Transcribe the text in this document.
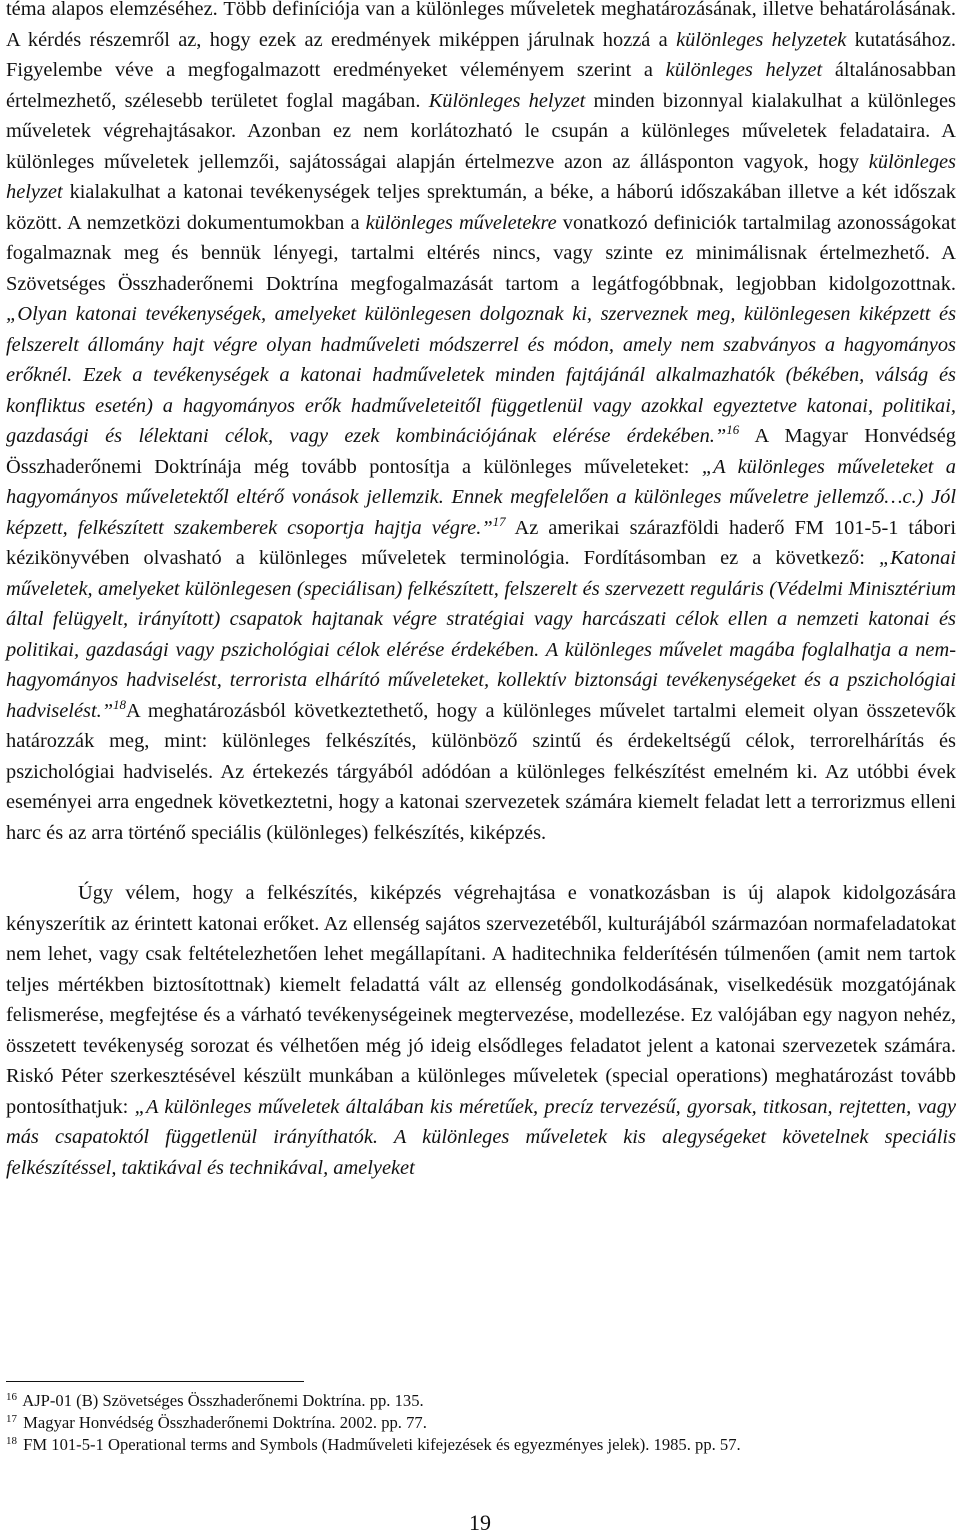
téma alapos elemzéséhez. Több definíciója van a különleges műveletek meghatározásának, illetve behatárolásának. A kérdés részemről az, hogy ezek az eredmények miképpen járulnak hozzá a különleges helyzetek kutatásához. Figyelembe véve a megfogalmazott eredményeket véleményem szerint a különleges helyzet általánosabban értelmezhető, szélesebb területet foglal magában. Különleges helyzet minden bizonnyal kialakulhat a különleges műveletek végrehajtásakor. Azonban ez nem korlátozható le csupán a különleges műveletek feladataira. A különleges műveletek jellemzői, sajátosságai alapján értelmezve azon az állásponton vagyok, hogy különleges helyzet kialakulhat a katonai tevékenységek teljes sprektumán, a béke, a háború időszakában illetve a két időszak között. A nemzetközi dokumentumokban a különleges műveletekre vonatkozó definiciók tartalmilag azonosságokat fogalmaznak meg és bennük lényegi, tartalmi eltérés nincs, vagy szinte ez minimálisnak értelmezhető. A Szövetséges Összhaderőnemi Doktrína megfogalmazását tartom a legátfogóbbnak, legjobban kidolgozottnak. „Olyan katonai tevékenységek, amelyeket különlegesen dolgoznak ki, szerveznek meg, különlegesen kiképzett és felszerelt állomány hajt végre olyan hadműveleti módszerrel és módon, amely nem szabványos a hagyományos erőknél. Ezek a tevékenységek a katonai hadműveletek minden fajtájánál alkalmazhatók (békében, válság és konfliktus esetén) a hagyományos erők hadműveleteitől függetlenül vagy azokkal egyeztetve katonai, politikai, gazdasági és lélektani célok, vagy ezek kombinációjának elérése érdekében.”$^{16}$ A Magyar Honvédség Összhaderőnemi Doktrínája még tovább pontosítja a különleges műveleteket: „A különleges műveleteket a hagyományos műveletektől eltérő vonások jellemzik. Ennek megfelelően a különleges műveletre jellemző…c.) Jól képzett, felkészített szakemberek csoportja hajtja végre.”$^{17}$ Az amerikai szárazföldi haderő FM 101-5-1 tábori kézikönyvében olvasható a különleges műveletek terminológia. Fordításomban ez a következő: „Katonai műveletek, amelyeket különlegesen (speciálisan) felkészített, felszerelt és szervezett reguláris (Védelmi Minisztérium által felügyelt, irányított) csapatok hajtanak végre stratégiai vagy harcászati célok ellen a nemzeti katonai és politikai, gazdasági vagy pszichológiai célok elérése érdekében. A különleges művelet magába foglalhatja a nem-hagyományos hadviselést, terrorista elhárító műveleteket, kollektív biztonsági tevékenységeket és a pszichológiai hadviselést.”$^{18}$A meghatározásból következtethető, hogy a különleges művelet tartalmi elemeit olyan összetevők határozzák meg, mint: különleges felkészítés, különböző szintű és érdekeltségű célok, terrorelhárítás és pszichológiai hadviselés. Az értekezés tárgyából adódóan a különleges felkészítést emelném ki. Az utóbbi évek eseményei arra engednek következtetni, hogy a katonai szervezetek számára kiemelt feladat lett a terrorizmus elleni harc és az arra történő speciális (különleges) felkészítés, kiképzés.

Úgy vélem, hogy a felkészítés, kiképzés végrehajtása e vonatkozásban is új alapok kidolgozására kényszerítik az érintett katonai erőket. Az ellenség sajátos szervezetéből, kulturájából származóan normafeladatokat nem lehet, vagy csak feltételezhetően lehet megállapítani. A haditechnika felderítésén túlmenően (amit nem tartok teljes mértékben biztosítottnak) kiemelt feladattá vált az ellenség gondolkodásának, viselkedésük mozgatójának felismerése, megfejtése és a várható tevékenységeinek megtervezése, modellezése. Ez valójában egy nagyon nehéz, összetett tevékenység sorozat és vélhetően még jó ideig elsődleges feladatot jelent a katonai szervezetek számára. Riskó Péter szerkesztésével készült munkában a különleges műveletek (special operations) meghatározást tovább pontosíthatjuk: „A különleges műveletek általában kis méretűek, precíz tervezésű, gyorsak, titkosan, rejtetten, vagy más csapatoktól függetlenül irányíthatók. A különleges műveletek kis alegységeket követelnek speciális felkészítéssel, taktikával és technikával, amelyeket

$^{16}$ AJP-01 (B) Szövetséges Összhaderőnemi Doktrína. pp. 135.

$^{17}$ Magyar Honvédség Összhaderőnemi Doktrína. 2002. pp. 77.

$^{18}$ FM 101-5-1 Operational terms and Symbols (Hadműveleti kifejezések és egyezményes jelek). 1985. pp. 57.

19
